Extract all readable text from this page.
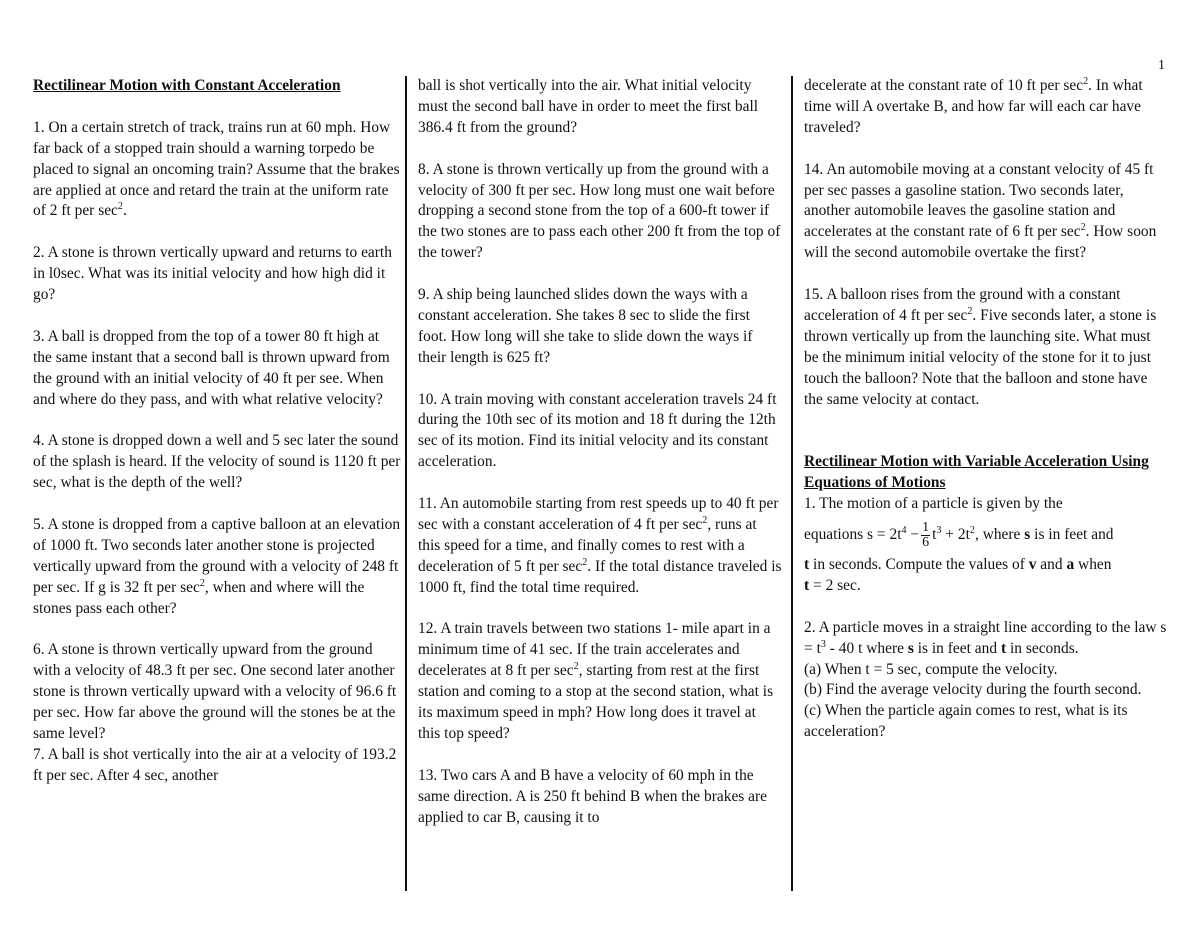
1

Rectilinear Motion with Constant Acceleration

1. On a certain stretch of track, trains run at 60 mph. How far back of a stopped train should a warning torpedo be placed to signal an oncoming train? Assume that the brakes are applied at once and retard the train at the uniform rate of 2 ft per $\sec^2$.

2. A stone is thrown vertically upward and returns to earth in l0sec. What was its initial velocity and how high did it go?

3. A ball is dropped from the top of a tower 80 ft high at the same instant that a second ball is thrown upward from the ground with an initial velocity of 40 ft per see. When and where do they pass, and with what relative velocity?

4. A stone is dropped down a well and 5 sec later the sound of the splash is heard. If the velocity of sound is 1120 ft per sec, what is the depth of the well?

5. A stone is dropped from a captive balloon at an elevation of 1000 ft. Two seconds later another stone is projected vertically upward from the ground with a velocity of 248 ft per sec. If g is 32 ft per $\sec^2$, when and where will the stones pass each other?

6. A stone is thrown vertically upward from the ground with a velocity of 48.3 ft per sec. One second later another stone is thrown vertically upward with a velocity of 96.6 ft per sec. How far above the ground will the stones be at the same level?

7. A ball is shot vertically into the air at a velocity of 193.2 ft per sec. After 4 sec, another

ball is shot vertically into the air. What initial velocity must the second ball have in order to meet the first ball 386.4 ft from the ground?

8. A stone is thrown vertically up from the ground with a velocity of 300 ft per sec. How long must one wait before dropping a second stone from the top of a 600-ft tower if the two stones are to pass each other 200 ft from the top of the tower?

9. A ship being launched slides down the ways with a constant acceleration. She takes 8 sec to slide the first foot. How long will she take to slide down the ways if their length is 625 ft?

10. A train moving with constant acceleration travels 24 ft during the 10th sec of its motion and 18 ft during the 12th sec of its motion. Find its initial velocity and its constant acceleration.

11. An automobile starting from rest speeds up to 40 ft per sec with a constant acceleration of 4 ft per $\sec^2$, runs at this speed for a time, and finally comes to rest with a deceleration of 5 ft per $\sec^2$. If the total distance traveled is 1000 ft, find the total time required.

12. A train travels between two stations 1- mile apart in a minimum time of 41 sec. If the train accelerates and decelerates at 8 ft per $\sec^2$, starting from rest at the first station and coming to a stop at the second station, what is its maximum speed in mph? How long does it travel at this top speed?

13. Two cars A and B have a velocity of 60 mph in the same direction. A is 250 ft behind B when the brakes are applied to car B, causing it to

decelerate at the constant rate of 10 ft per $\sec^2$. In what time will A overtake B, and how far will each car have traveled?

14. An automobile moving at a constant velocity of 45 ft per sec passes a gasoline station. Two seconds later, another automobile leaves the gasoline station and accelerates at the constant rate of 6 ft per $\sec^2$. How soon will the second automobile overtake the first?

15. A balloon rises from the ground with a constant acceleration of 4 ft per $\sec^2$. Five seconds later, a stone is thrown vertically up from the launching site. What must be the minimum initial velocity of the stone for it to just touch the balloon? Note that the balloon and stone have the same velocity at contact.

Rectilinear Motion with Variable Acceleration Using Equations of Motions

1. The motion of a particle is given by the
equations $s = 2t^4 - \frac{1}{6} t^3 + 2t^2$, where s is in feet and
t in seconds. Compute the values of v and a when
t = 2 sec.

2. A particle moves in a straight line according to the law $s = t^3 - 40$ t where s is in feet and t in seconds.
(a) When t = 5 sec, compute the velocity.
(b) Find the average velocity during the fourth second.
(c) When the particle again comes to rest, what is its acceleration?
